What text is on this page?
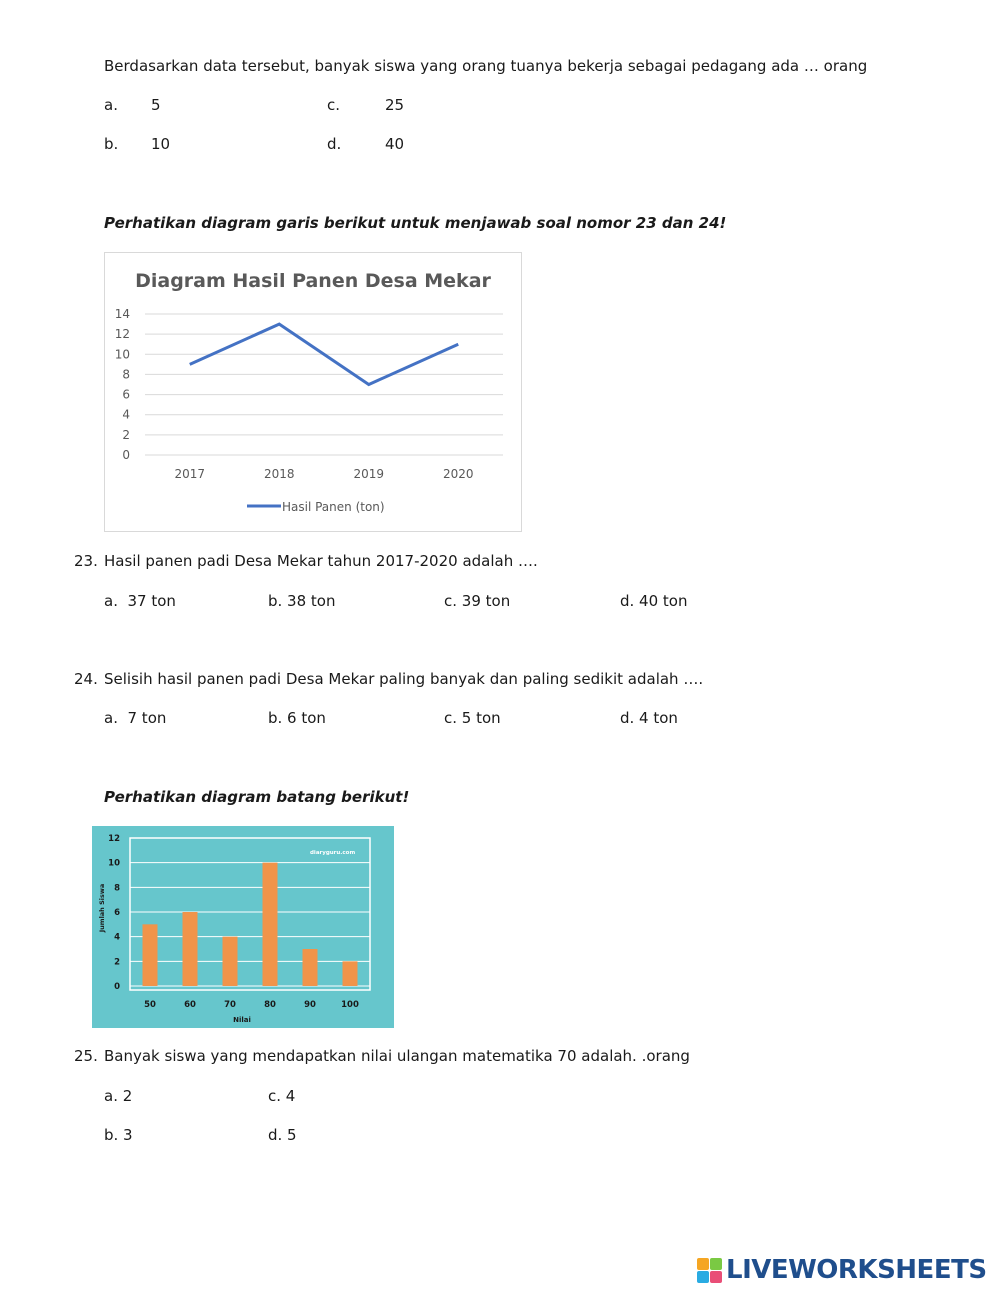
Berdasarkan data tersebut, banyak siswa yang orang tuanya bekerja sebagai pedagang ada … orang
a. 5	c.	25
b. 10	d.	40
Perhatikan diagram garis berikut untuk menjawab soal nomor 23 dan 24!
Diagram Hasil Panen Desa Mekar
0
2
4
6
8
10
12
14
2017	2018	2019	2020
Hasil Panen (ton)
23. Hasil panen padi Desa Mekar tahun 2017-2020 adalah ….
a.  37 ton	b. 38 ton	c. 39 ton	d. 40 ton
24. Selisih hasil panen padi Desa Mekar paling banyak dan paling sedikit adalah ….
a.  7 ton	b. 6 ton	c. 5 ton	d. 4 ton
Perhatikan diagram batang berikut!
0
2
4
6
8
10
12
50	60	70	80	90	100
diaryguru.com
Jumlah Siswa
Nilai
25. Banyak siswa yang mendapatkan nilai ulangan matematika 70 adalah. .orang
a. 2	c. 4
b. 3	d. 5
LIVEWORKSHEETS
